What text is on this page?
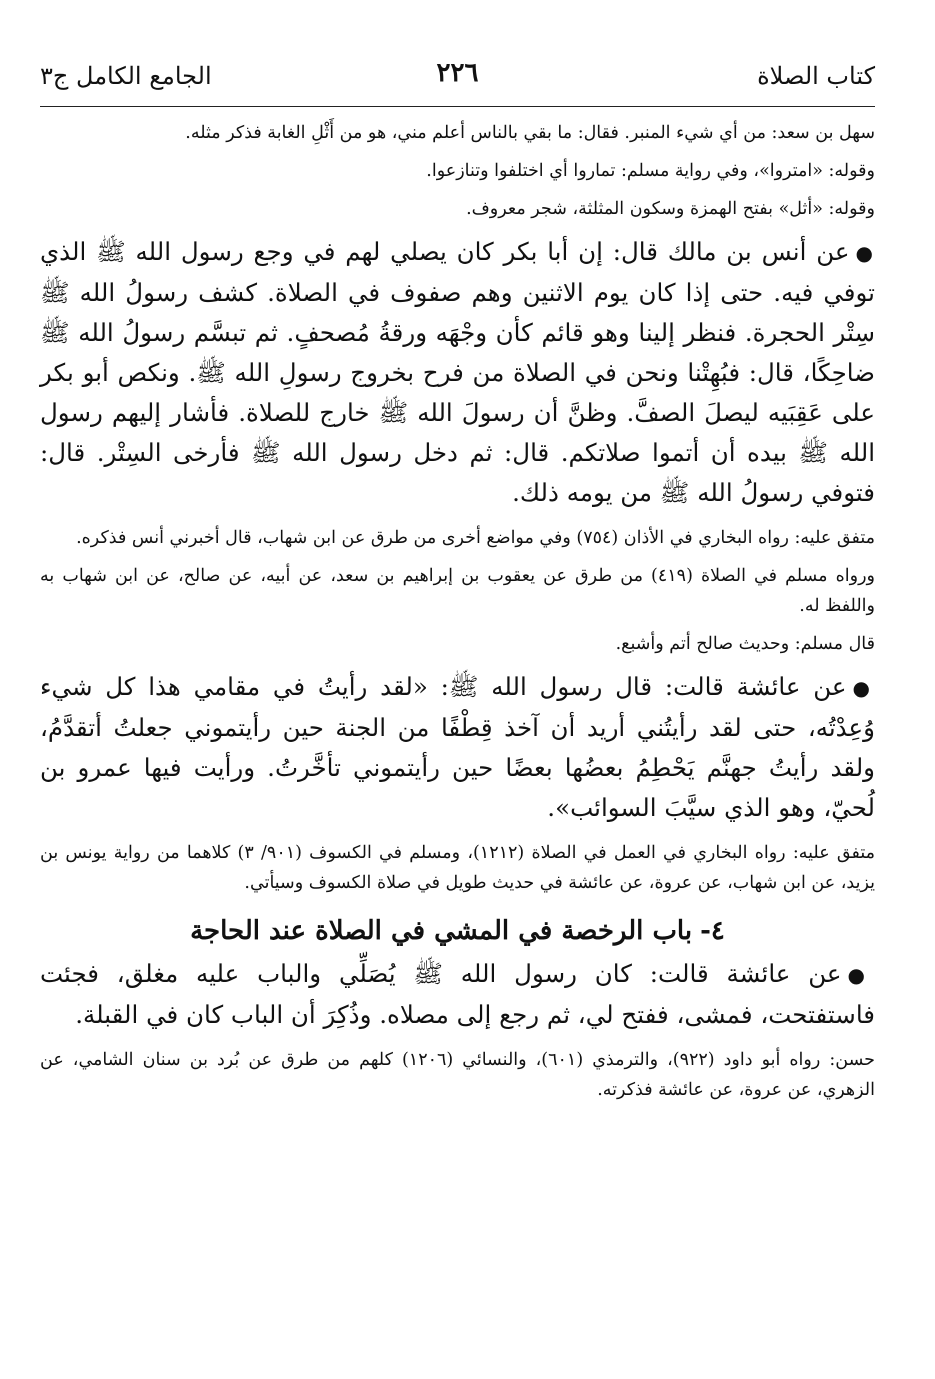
كتاب الصلاة
٢٢٦
الجامع الكامل ج٣

سهل بن سعد: من أي شيء المنبر. فقال: ما بقي بالناس أعلم مني، هو من أَثْلِ الغابة فذكر مثله.

وقوله: «امتروا»، وفي رواية مسلم: تماروا أي اختلفوا وتنازعوا.

وقوله: «أثل» بفتح الهمزة وسكون المثلثة، شجر معروف.

●عن أنس بن مالك قال: إن أبا بكر كان يصلي لهم في وجع رسول الله ﷺ الذي توفي فيه. حتى إذا كان يوم الاثنين وهم صفوف في الصلاة. كشف رسولُ الله ﷺ سِتْر الحجرة. فنظر إلينا وهو قائم كأن وجْهَه ورقةُ مُصحفٍ. ثم تبسَّم رسولُ الله ﷺ ضاحِكًا، قال: فبُهِتْنا ونحن في الصلاة من فرح بخروج رسولِ الله ﷺ. ونكص أبو بكر على عَقِبَيه ليصلَ الصفَّ. وظنَّ أن رسولَ الله ﷺ خارج للصلاة. فأشار إليهم رسول الله ﷺ بيده أن أتموا صلاتكم. قال: ثم دخل رسول الله ﷺ فأرخى السِتْر. قال: فتوفي رسولُ الله ﷺ من يومه ذلك.

متفق عليه: رواه البخاري في الأذان (٧٥٤) وفي مواضع أخرى من طرق عن ابن شهاب، قال أخبرني أنس فذكره.

ورواه مسلم في الصلاة (٤١٩) من طرق عن يعقوب بن إبراهيم بن سعد، عن أبيه، عن صالح، عن ابن شهاب به واللفظ له.

قال مسلم: وحديث صالح أتم وأشبع.

●عن عائشة قالت: قال رسول الله ﷺ: «لقد رأيتُ في مقامي هذا كل شيء وُعِدْتُه، حتى لقد رأيتُني أريد أن آخذ قِطْفًا من الجنة حين رأيتموني جعلتُ أتقدَّمُ، ولقد رأيتُ جهنَّم يَحْطِمُ بعضُها بعضًا حين رأيتموني تأخَّرتُ. ورأيت فيها عمرو بن لُحيّ، وهو الذي سيَّبَ السوائب».

متفق عليه: رواه البخاري في العمل في الصلاة (١٢١٢)، ومسلم في الكسوف (٩٠١/ ٣) كلاهما من رواية يونس بن يزيد، عن ابن شهاب، عن عروة، عن عائشة في حديث طويل في صلاة الكسوف وسيأتي.

٤-باب الرخصة في المشي في الصلاة عند الحاجة

●عن عائشة قالت: كان رسول الله ﷺ يُصَلِّي والباب عليه مغلق، فجئت فاستفتحت، فمشى، ففتح لي، ثم رجع إلى مصلاه. وذُكِرَ أن الباب كان في القبلة.

حسن: رواه أبو داود (٩٢٢)، والترمذي (٦٠١)، والنسائي (١٢٠٦) كلهم من طرق عن بُرد بن سنان الشامي، عن الزهري، عن عروة، عن عائشة فذكرته.
